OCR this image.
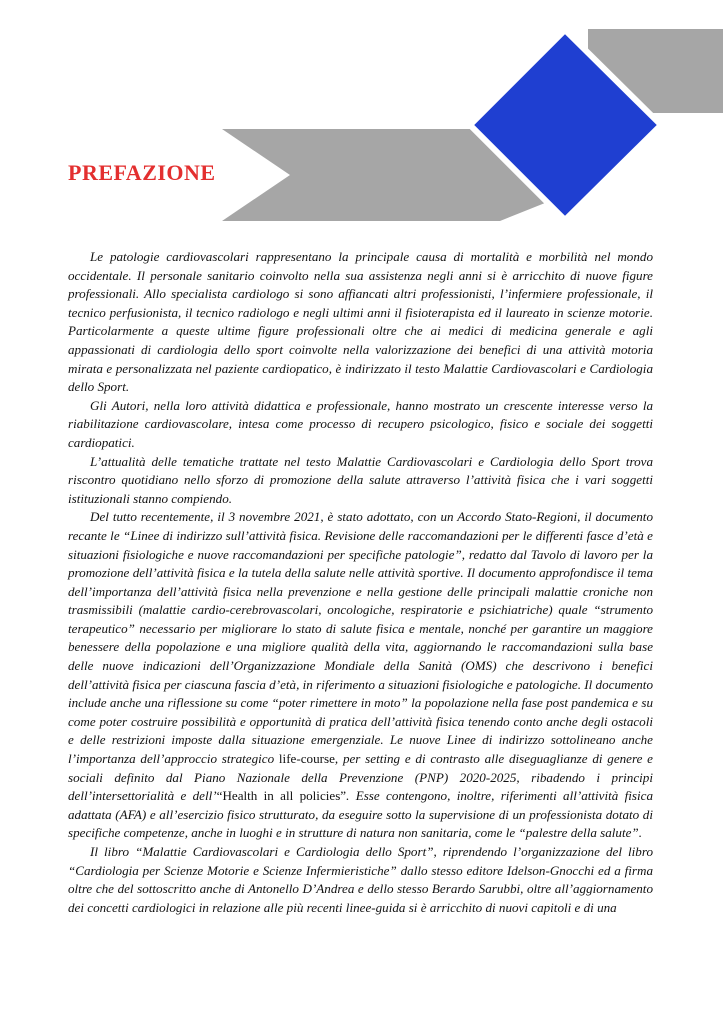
PREFAZIONE

Le patologie cardiovascolari rappresentano la principale causa di mortalità e morbilità nel mondo occidentale. Il personale sanitario coinvolto nella sua assistenza negli anni si è arricchito di nuove figure professionali. Allo specialista cardiologo si sono affiancati altri professionisti, l’infermiere professionale, il tecnico perfusionista, il tecnico radiologo e negli ultimi anni il fisioterapista ed il laureato in scienze motorie. Particolarmente a queste ultime figure professionali oltre che ai medici di medicina generale e agli appassionati di cardiologia dello sport coinvolte nella valorizzazione dei benefici di una attività motoria mirata e personalizzata nel paziente cardiopatico, è indirizzato il testo Malattie Cardiovascolari e Cardiologia dello Sport.

Gli Autori, nella loro attività didattica e professionale, hanno mostrato un crescente interesse verso la riabilitazione cardiovascolare, intesa come processo di recupero psicologico, fisico e sociale dei soggetti cardiopatici.

L’attualità delle tematiche trattate nel testo Malattie Cardiovascolari e Cardiologia dello Sport trova riscontro quotidiano nello sforzo di promozione della salute attraverso l’attività fisica che i vari soggetti istituzionali stanno compiendo.

Del tutto recentemente, il 3 novembre 2021, è stato adottato, con un Accordo Stato-Regioni, il documento recante le “Linee di indirizzo sull’attività fisica. Revisione delle raccomandazioni per le differenti fasce d’età e situazioni fisiologiche e nuove raccomandazioni per specifiche patologie”, redatto dal Tavolo di lavoro per la promozione dell’attività fisica e la tutela della salute nelle attività sportive. Il documento approfondisce il tema dell’importanza dell’attività fisica nella prevenzione e nella gestione delle principali malattie croniche non trasmissibili (malattie cardio-cerebrovascolari, oncologiche, respiratorie e psichiatriche) quale “strumento terapeutico” necessario per migliorare lo stato di salute fisica e mentale, nonché per garantire un maggiore benessere della popolazione e una migliore qualità della vita, aggiornando le raccomandazioni sulla base delle nuove indicazioni dell’Organizzazione Mondiale della Sanità (OMS) che descrivono i benefici dell’attività fisica per ciascuna fascia d’età, in riferimento a situazioni fisiologiche e patologiche. Il documento include anche una riflessione su come “poter rimettere in moto” la popolazione nella fase post pandemica e su come poter costruire possibilità e opportunità di pratica dell’attività fisica tenendo conto anche degli ostacoli e delle restrizioni imposte dalla situazione emergenziale. Le nuove Linee di indirizzo sottolineano anche l’importanza dell’approccio strategico life-course, per setting e di contrasto alle diseguaglianze di genere e sociali definito dal Piano Nazionale della Prevenzione (PNP) 2020-2025, ribadendo i principi dell’intersettorialità e dell’“Health in all policies”. Esse contengono, inoltre, riferimenti all’attività fisica adattata (AFA) e all’esercizio fisico strutturato, da eseguire sotto la supervisione di un professionista dotato di specifiche competenze, anche in luoghi e in strutture di natura non sanitaria, come le “palestre della salute”.

Il libro “Malattie Cardiovascolari e Cardiologia dello Sport”, riprendendo l’organizzazione del libro “Cardiologia per Scienze Motorie e Scienze Infermieristiche” dallo stesso editore Idelson-Gnocchi ed a firma oltre che del sottoscritto anche di Antonello D’Andrea e dello stesso Berardo Sarubbi, oltre all’aggiornamento dei concetti cardiologici in relazione alle più recenti linee-guida si è arricchito di nuovi capitoli e di una
